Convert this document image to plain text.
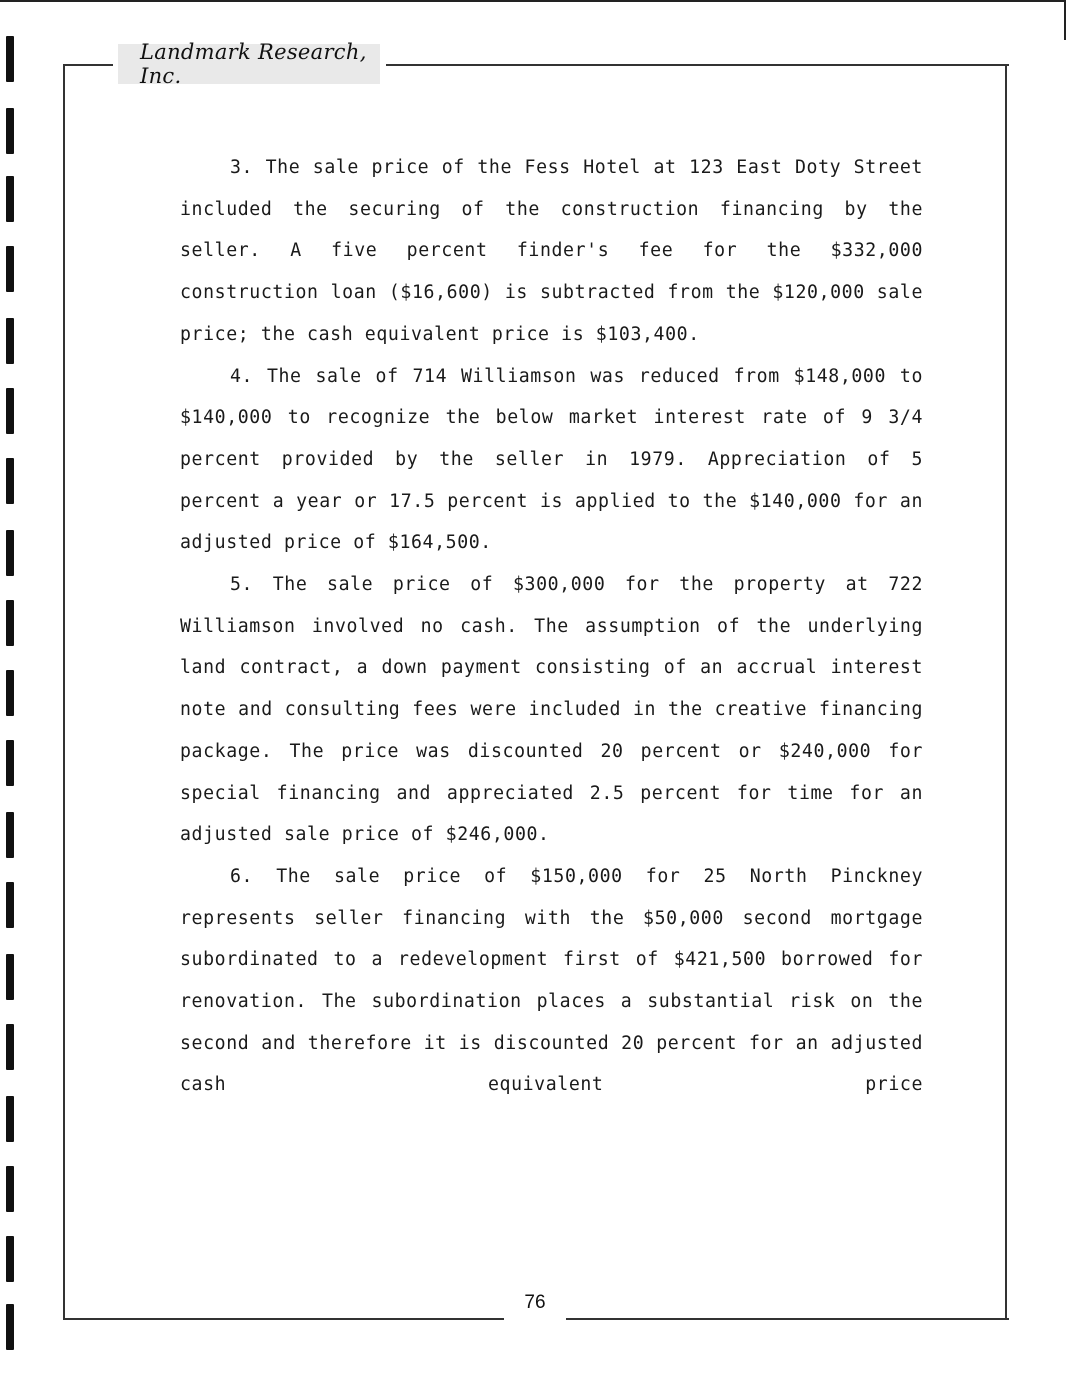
Landmark Research, Inc.

3. The sale price of the Fess Hotel at 123 East Doty Street included the securing of the construction financing by the seller. A five percent finder's fee for the $332,000 construction loan ($16,600) is subtracted from the $120,000 sale price; the cash equivalent price is $103,400.

4. The sale of 714 Williamson was reduced from $148,000 to $140,000 to recognize the below market interest rate of 9 3/4 percent provided by the seller in 1979. Appreciation of 5 percent a year or 17.5 percent is applied to the $140,000 for an adjusted price of $164,500.

5. The sale price of $300,000 for the property at 722 Williamson involved no cash. The assumption of the underlying land contract, a down payment consisting of an accrual interest note and consulting fees were included in the creative financing package. The price was discounted 20 percent or $240,000 for special financing and appreciated 2.5 percent for time for an adjusted sale price of $246,000.

6. The sale price of $150,000 for 25 North Pinckney represents seller financing with the $50,000 second mortgage subordinated to a redevelopment first of $421,500 borrowed for renovation. The subordination places a substantial risk on the second and therefore it is discounted 20 percent for an adjusted cash equivalent price

76
